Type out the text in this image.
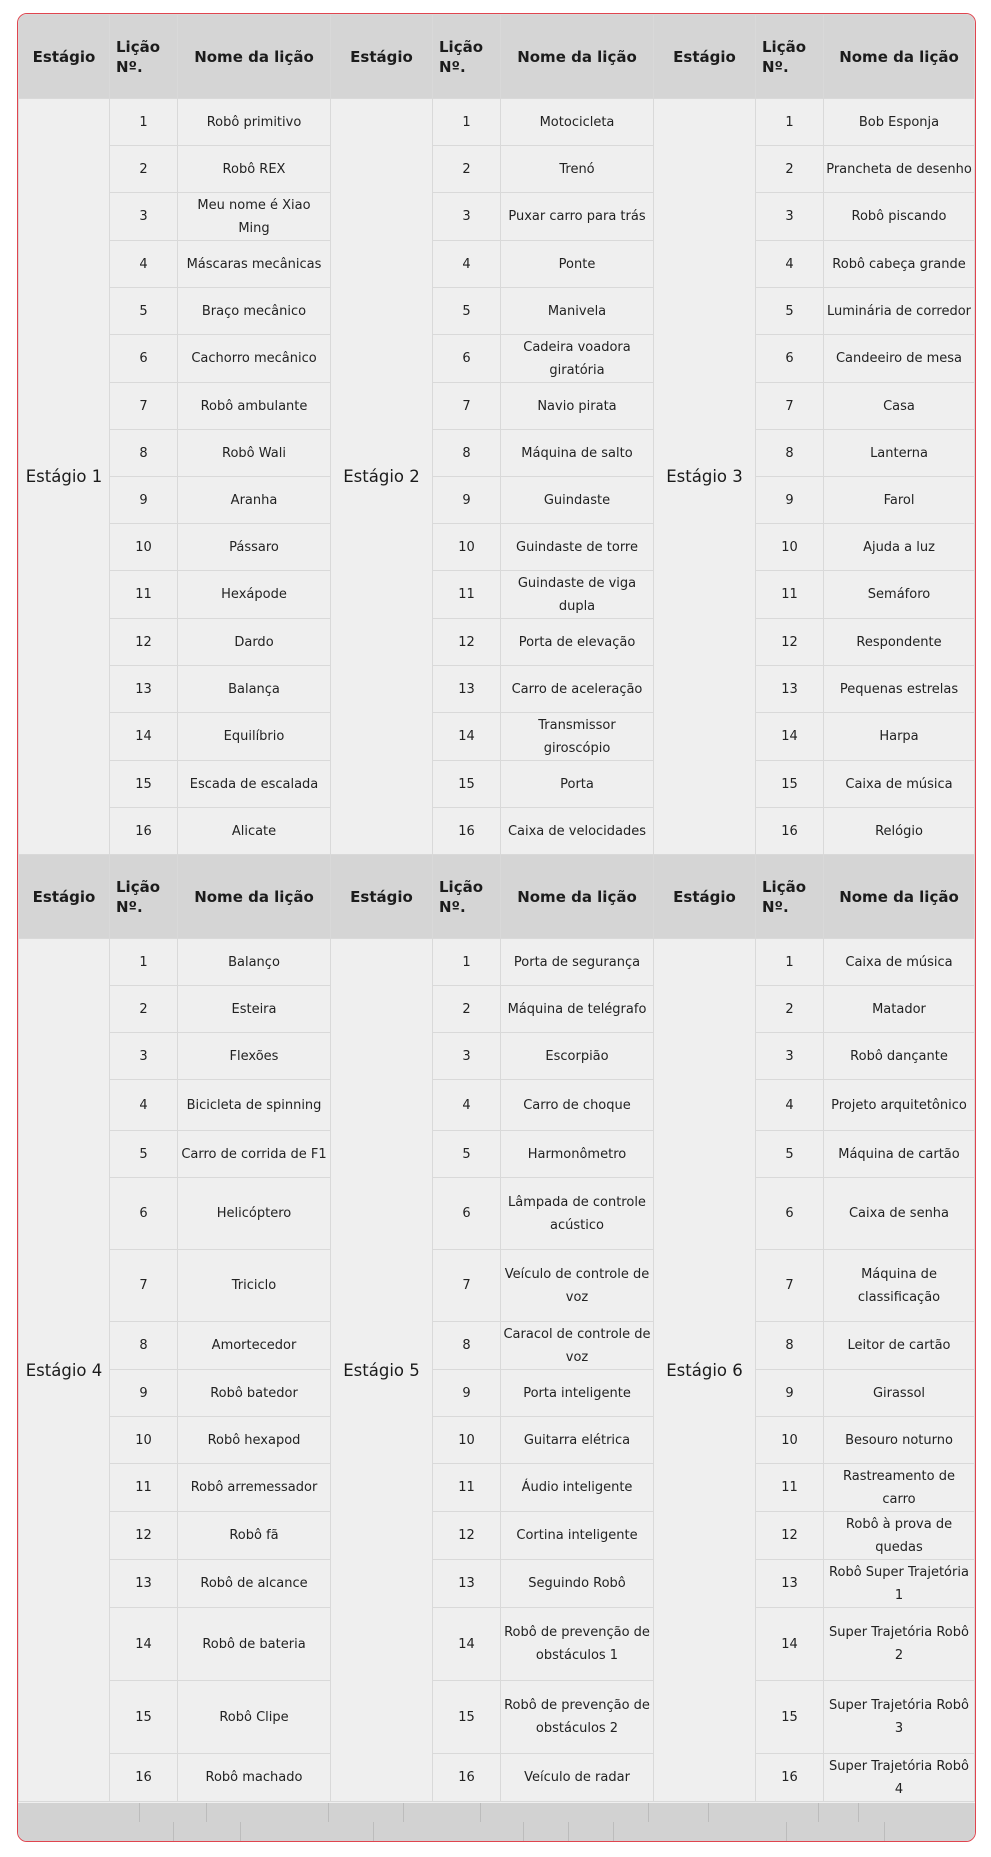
Estágio	Lição Nº.	Nome da lição	Estágio	Lição Nº.	Nome da lição	Estágio	Lição Nº.	Nome da lição
Estágio 1	1	Robô primitivo	Estágio 2	1	Motocicleta	Estágio 3	1	Bob Esponja
	2	Robô REX		2	Trenó		2	Prancheta de desenho
	3	Meu nome é Xiao Ming		3	Puxar carro para trás		3	Robô piscando
	4	Máscaras mecânicas		4	Ponte		4	Robô cabeça grande
	5	Braço mecânico		5	Manivela		5	Luminária de corredor
	6	Cachorro mecânico		6	Cadeira voadora giratória		6	Candeeiro de mesa
	7	Robô ambulante		7	Navio pirata		7	Casa
	8	Robô Wali		8	Máquina de salto		8	Lanterna
	9	Aranha		9	Guindaste		9	Farol
	10	Pássaro		10	Guindaste de torre		10	Ajuda a luz
	11	Hexápode		11	Guindaste de viga dupla		11	Semáforo
	12	Dardo		12	Porta de elevação		12	Respondente
	13	Balança		13	Carro de aceleração		13	Pequenas estrelas
	14	Equilíbrio		14	Transmissor giroscópio		14	Harpa
	15	Escada de escalada		15	Porta		15	Caixa de música
	16	Alicate		16	Caixa de velocidades		16	Relógio
Estágio	Lição Nº.	Nome da lição	Estágio	Lição Nº.	Nome da lição	Estágio	Lição Nº.	Nome da lição
Estágio 4	1	Balanço	Estágio 5	1	Porta de segurança	Estágio 6	1	Caixa de música
	2	Esteira		2	Máquina de telégrafo		2	Matador
	3	Flexões		3	Escorpião		3	Robô dançante
	4	Bicicleta de spinning		4	Carro de choque		4	Projeto arquitetônico
	5	Carro de corrida de F1		5	Harmonômetro		5	Máquina de cartão
	6	Helicóptero		6	Lâmpada de controle acústico		6	Caixa de senha
	7	Triciclo		7	Veículo de controle de voz		7	Máquina de classificação
	8	Amortecedor		8	Caracol de controle de voz		8	Leitor de cartão
	9	Robô batedor		9	Porta inteligente		9	Girassol
	10	Robô hexapod		10	Guitarra elétrica		10	Besouro noturno
	11	Robô arremessador		11	Áudio inteligente		11	Rastreamento de carro
	12	Robô fã		12	Cortina inteligente		12	Robô à prova de quedas
	13	Robô de alcance		13	Seguindo Robô		13	Robô Super Trajetória 1
	14	Robô de bateria		14	Robô de prevenção de obstáculos 1		14	Super Trajetória Robô 2
	15	Robô Clipe		15	Robô de prevenção de obstáculos 2		15	Super Trajetória Robô 3
	16	Robô machado		16	Veículo de radar		16	Super Trajetória Robô 4
